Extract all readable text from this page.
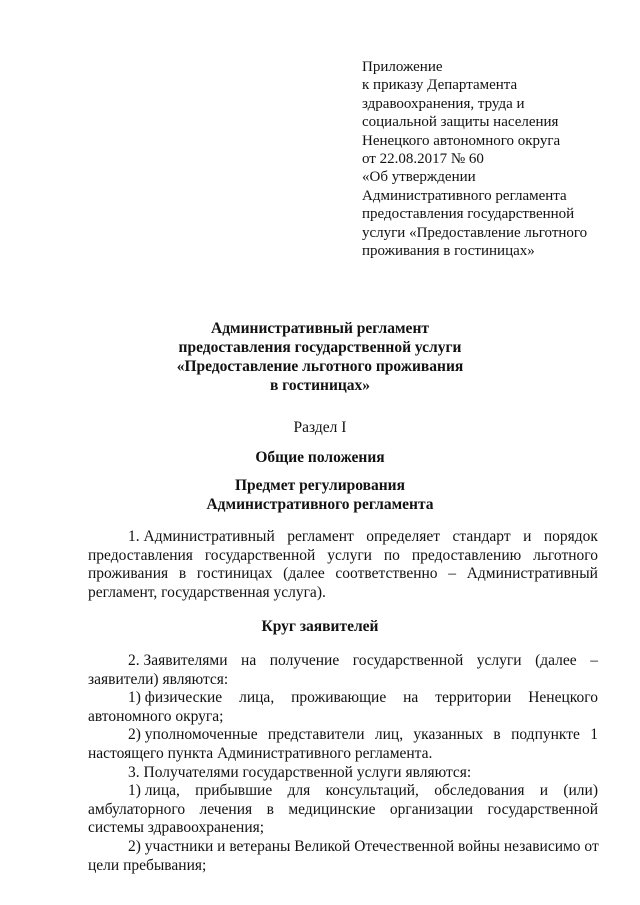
Приложение
к приказу Департамента
здравоохранения, труда и
социальной защиты населения
Ненецкого автономного округа
от 22.08.2017 № 60
«Об утверждении
Административного регламента
предоставления государственной
услуги «Предоставление льготного
проживания в гостиницах»
Административный регламент
предоставления государственной услуги
«Предоставление льготного проживания
в гостиницах»
Раздел I
Общие положения
Предмет регулирования
Административного регламента
1. Административный регламент определяет стандарт и порядок
предоставления государственной услуги по предоставлению льготного
проживания в гостиницах (далее соответственно – Административный
регламент, государственная услуга).
Круг заявителей
2. Заявителями на получение государственной услуги (далее –
заявители) являются:
1) физические лица, проживающие на территории Ненецкого
автономного округа;
2) уполномоченные представители лиц, указанных в подпункте 1
настоящего пункта Административного регламента.
3. Получателями государственной услуги являются:
1) лица, прибывшие для консультаций, обследования и (или)
амбулаторного лечения в медицинские организации государственной
системы здравоохранения;
2) участники и ветераны Великой Отечественной войны независимо от
цели пребывания;
